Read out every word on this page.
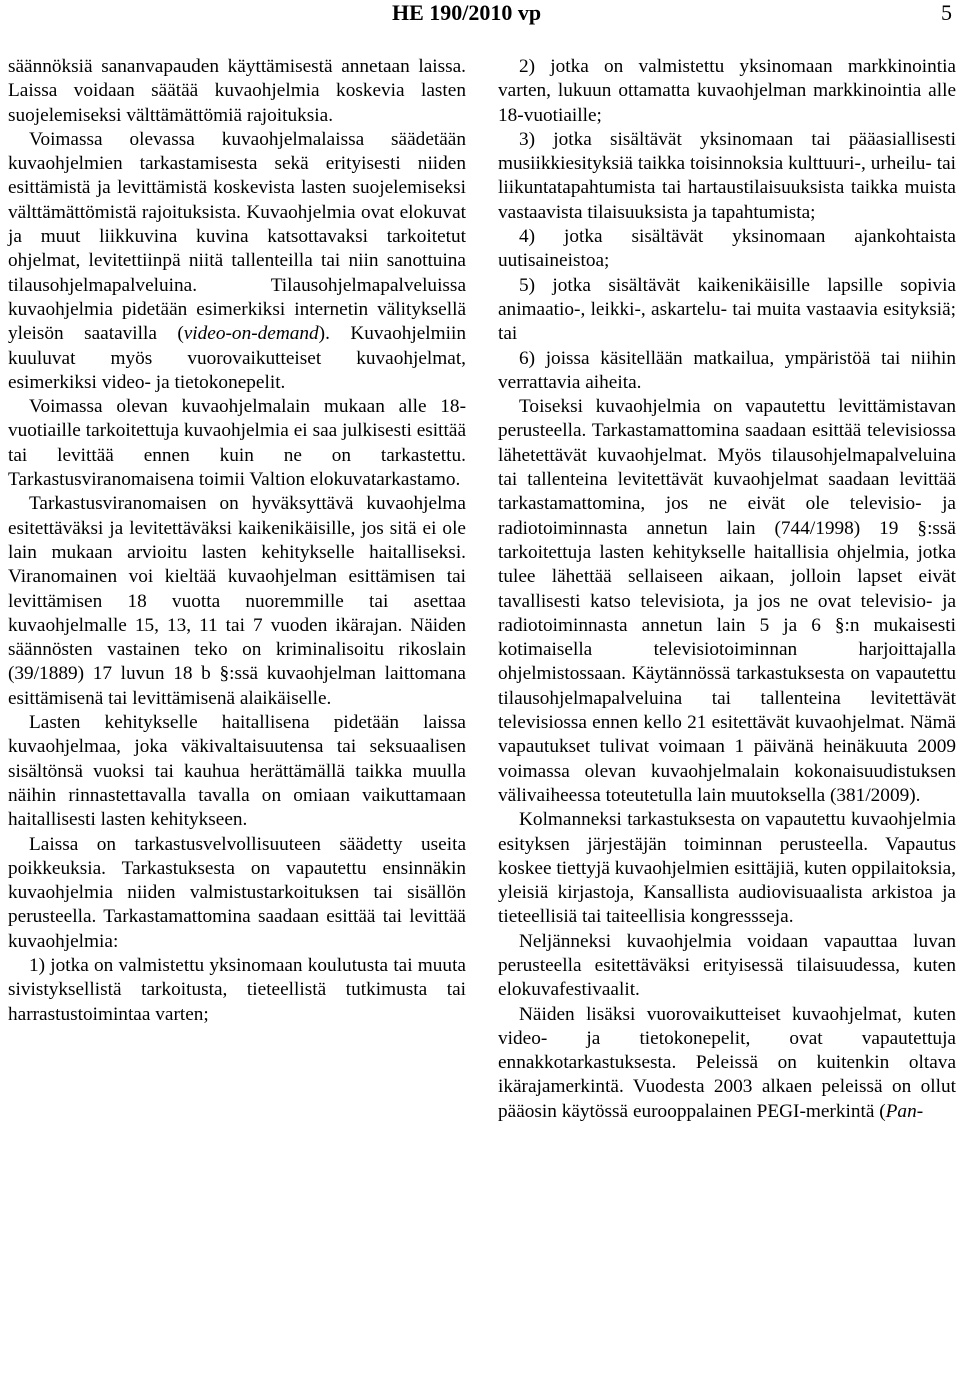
HE 190/2010 vp	5

säännöksiä sananvapauden käyttämisestä annetaan laissa. Laissa voidaan säätää kuvaohjelmia koskevia lasten suojelemiseksi välttämättömiä rajoituksia.

Voimassa olevassa kuvaohjelmalaissa säädetään kuvaohjelmien tarkastamisesta sekä erityisesti niiden esittämistä ja levittämistä koskevista lasten suojelemiseksi välttämättömistä rajoituksista. Kuvaohjelmia ovat elokuvat ja muut liikkuvina kuvina katsottavaksi tarkoitetut ohjelmat, levitettiinpä niitä tallenteilla tai niin sanottuina tilausohjelmapalveluina. Tilausohjelmapalveluissa kuvaohjelmia pidetään esimerkiksi internetin välityksellä yleisön saatavilla (video-on-demand). Kuvaohjelmiin kuuluvat myös vuorovaikutteiset kuvaohjelmat, esimerkiksi video- ja tietokonepelit.

Voimassa olevan kuvaohjelmalain mukaan alle 18-vuotiaille tarkoitettuja kuvaohjelmia ei saa julkisesti esittää tai levittää ennen kuin ne on tarkastettu. Tarkastusviranomaisena toimii Valtion elokuvatarkastamo.

Tarkastusviranomaisen on hyväksyttävä kuvaohjelma esitettäväksi ja levitettäväksi kaikenikäisille, jos sitä ei ole lain mukaan arvioitu lasten kehitykselle haitalliseksi. Viranomainen voi kieltää kuvaohjelman esittämisen tai levittämisen 18 vuotta nuoremmille tai asettaa kuvaohjelmalle 15, 13, 11 tai 7 vuoden ikärajan. Näiden säännösten vastainen teko on kriminalisoitu rikoslain (39/1889) 17 luvun 18 b §:ssä kuvaohjelman laittomana esittämisenä tai levittämisenä alaikäiselle.

Lasten kehitykselle haitallisena pidetään laissa kuvaohjelmaa, joka väkivaltaisuutensa tai seksuaalisen sisältönsä vuoksi tai kauhua herättämällä taikka muulla näihin rinnastettavalla tavalla on omiaan vaikuttamaan haitallisesti lasten kehitykseen.

Laissa on tarkastusvelvollisuuteen säädetty useita poikkeuksia. Tarkastuksesta on vapautettu ensinnäkin kuvaohjelmia niiden valmistustarkoituksen tai sisällön perusteella. Tarkastamattomina saadaan esittää tai levittää kuvaohjelmia:

1) jotka on valmistettu yksinomaan koulutusta tai muuta sivistyksellistä tarkoitusta, tieteellistä tutkimusta tai harrastustoimintaa varten;

2) jotka on valmistettu yksinomaan markkinointia varten, lukuun ottamatta kuvaohjelman markkinointia alle 18-vuotiaille;

3) jotka sisältävät yksinomaan tai pääasiallisesti musiikkiesityksiä taikka toisinnoksia kulttuuri-, urheilu- tai liikuntatapahtumista tai hartaustilaisuuksista taikka muista vastaavista tilaisuuksista ja tapahtumista;

4) jotka sisältävät yksinomaan ajankohtaista uutisaineistoa;

5) jotka sisältävät kaikenikäisille lapsille sopivia animaatio-, leikki-, askartelu- tai muita vastaavia esityksiä; tai

6) joissa käsitellään matkailua, ympäristöä tai niihin verrattavia aiheita.

Toiseksi kuvaohjelmia on vapautettu levittämistavan perusteella. Tarkastamattomina saadaan esittää televisiossa lähetettävät kuvaohjelmat. Myös tilausohjelmapalveluina tai tallenteina levitettävät kuvaohjelmat saadaan levittää tarkastamattomina, jos ne eivät ole televisio- ja radiotoiminnasta annetun lain (744/1998) 19 §:ssä tarkoitettuja lasten kehitykselle haitallisia ohjelmia, jotka tulee lähettää sellaiseen aikaan, jolloin lapset eivät tavallisesti katso televisiota, ja jos ne ovat televisio- ja radiotoiminnasta annetun lain 5 ja 6 §:n mukaisesti kotimaisella televisiotoiminnan harjoittajalla ohjelmistossaan. Käytännössä tarkastuksesta on vapautettu tilausohjelmapalveluina tai tallenteina levitettävät televisiossa ennen kello 21 esitettävät kuvaohjelmat. Nämä vapautukset tulivat voimaan 1 päivänä heinäkuuta 2009 voimassa olevan kuvaohjelmalain kokonaisuudistuksen välivaiheessa toteutetulla lain muutoksella (381/2009).

Kolmanneksi tarkastuksesta on vapautettu kuvaohjelmia esityksen järjestäjän toiminnan perusteella. Vapautus koskee tiettyjä kuvaohjelmien esittäjiä, kuten oppilaitoksia, yleisiä kirjastoja, Kansallista audiovisuaalista arkistoa ja tieteellisiä tai taiteellisia kongressseja.

Neljänneksi kuvaohjelmia voidaan vapauttaa luvan perusteella esitettäväksi erityisessä tilaisuudessa, kuten elokuvafestivaalit.

Näiden lisäksi vuorovaikutteiset kuvaohjelmat, kuten video- ja tietokonepelit, ovat vapautettuja ennakkotarkastuksesta. Peleissä on kuitenkin oltava ikärajamerkintä. Vuodesta 2003 alkaen peleissä on ollut pääosin käytössä eurooppalainen PEGI-merkintä (Pan-
